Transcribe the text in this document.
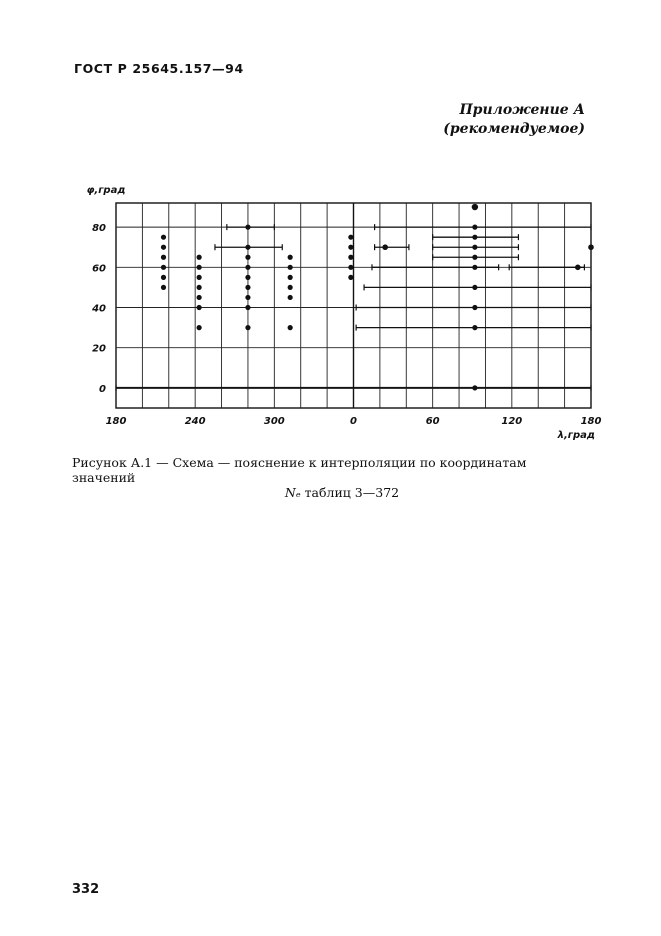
ГОСТ Р 25645.157—94
Приложение А
(рекомендуемое)
0
20
40
60
80
180	240	300	0	60	120	180
φ,град
λ,град
Рисунок А.1 — Схема — пояснение к интерполяции по координатам значений
Nₑ таблиц 3—372
332
